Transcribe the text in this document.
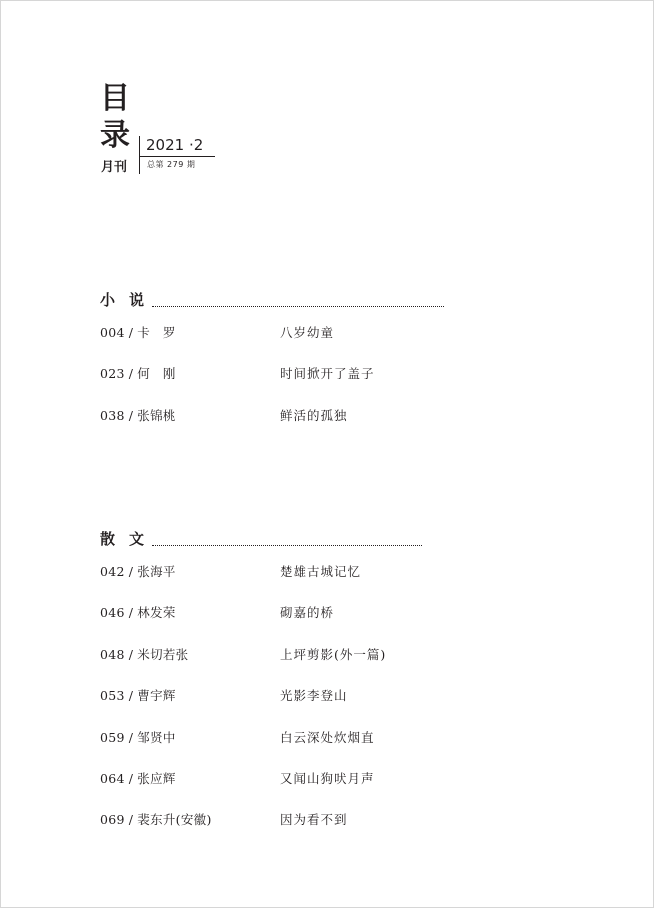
目
录
月刊
2021 ·2
总第 279 期
小说
004 / 卡　罗	八岁幼童
023 / 何　刚	时间掀开了盖子
038 / 张锦桃	鲜活的孤独
散文
042 / 张海平	楚雄古城记忆
046 / 林发荣	砌嘉的桥
048 / 米切若张	上坪剪影(外一篇)
053 / 曹宇辉	光影李登山
059 / 邹贤中	白云深处炊烟直
064 / 张应辉	又闻山狗吠月声
069 / 裴东升(安徽)	因为看不到
